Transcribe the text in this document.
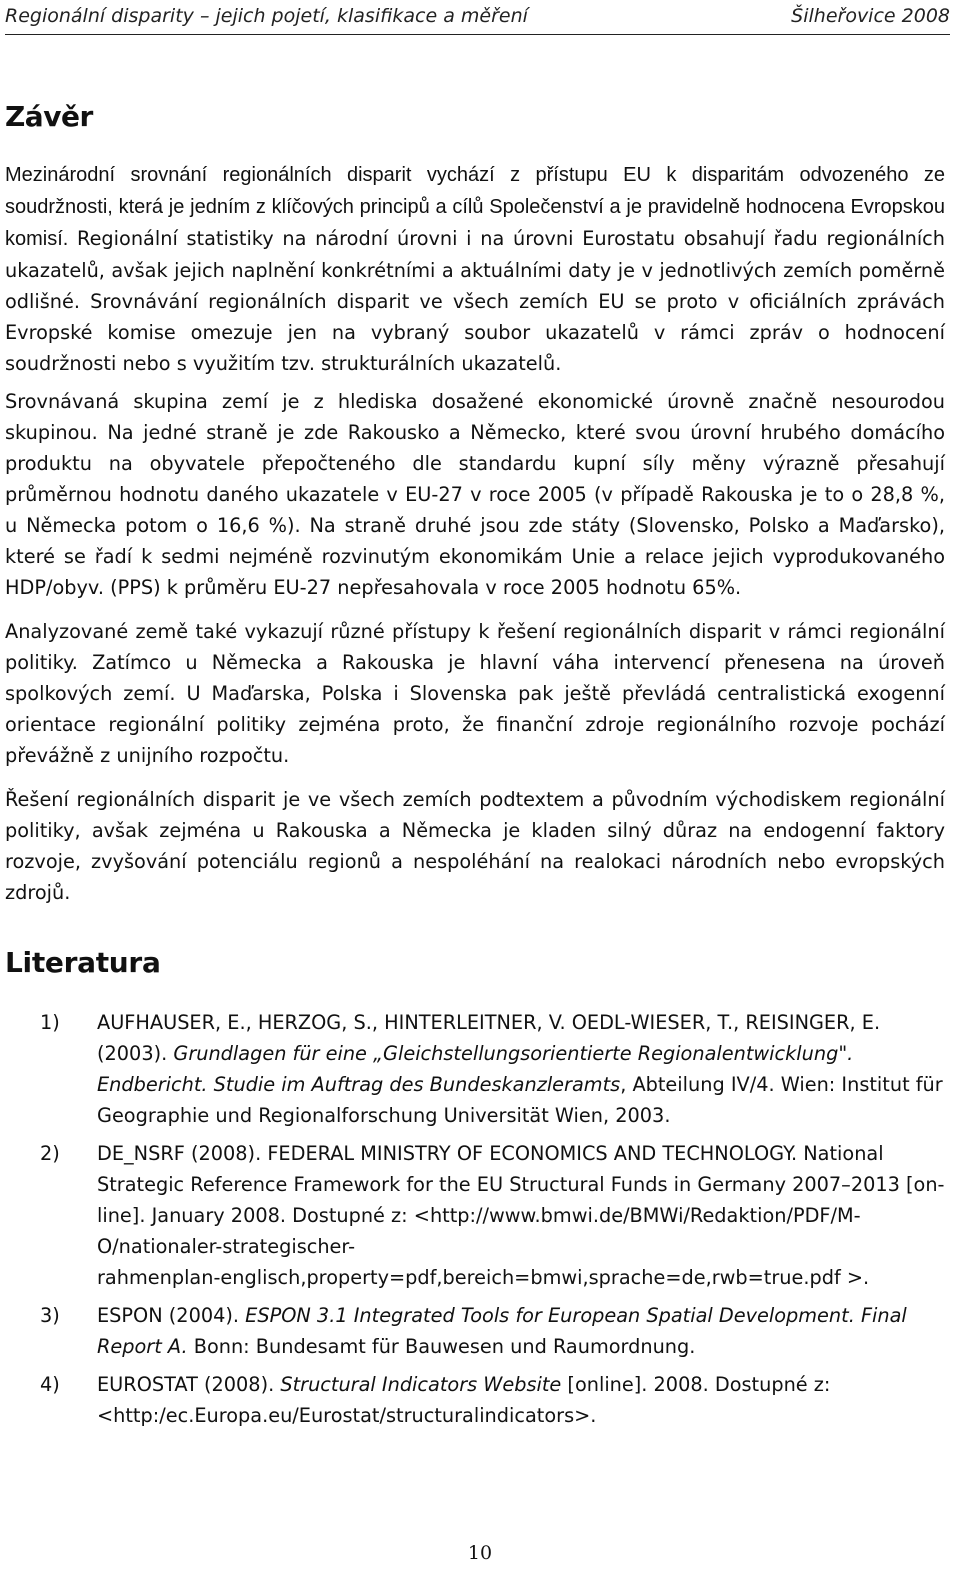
Regionální disparity – jejich pojetí, klasifikace a měření	Šilheřovice 2008
Závěr

Mezinárodní srovnání regionálních disparit vychází z přístupu EU k disparitám odvozeného ze soudržnosti, která je jedním z klíčových principů a cílů Společenství a je pravidelně hodnocena Evropskou komisí. Regionální statistiky na národní úrovni i na úrovni Eurostatu obsahují řadu regionálních ukazatelů, avšak jejich naplnění konkrétními a aktuálními daty je v jednotlivých zemích poměrně odlišné. Srovnávání regionálních disparit ve všech zemích EU se proto v oficiálních zprávách Evropské komise omezuje jen na vybraný soubor ukazatelů v rámci zpráv o hodnocení soudržnosti nebo s využitím tzv. strukturálních ukazatelů.

Srovnávaná skupina zemí je z hlediska dosažené ekonomické úrovně značně nesourodou skupinou. Na jedné straně je zde Rakousko a Německo, které svou úrovní hrubého domácího produktu na obyvatele přepočteného dle standardu kupní síly měny výrazně přesahují průměrnou hodnotu daného ukazatele v EU-27 v roce 2005 (v případě Rakouska je to o 28,8 %, u Německa potom o 16,6 %). Na straně druhé jsou zde státy (Slovensko, Polsko a Maďarsko), které se řadí k sedmi nejméně rozvinutým ekonomikám Unie a relace jejich vyprodukovaného HDP/obyv. (PPS) k průměru EU-27 nepřesahovala v roce 2005 hodnotu 65%.

Analyzované země také vykazují různé přístupy k řešení regionálních disparit v rámci regionální politiky. Zatímco u Německa a Rakouska je hlavní váha intervencí přenesena na úroveň spolkových zemí. U Maďarska, Polska i Slovenska pak ještě převládá centralistická exogenní orientace regionální politiky zejména proto, že finanční zdroje regionálního rozvoje pochází převážně z unijního rozpočtu.

Řešení regionálních disparit je ve všech zemích podtextem a původním východiskem regionální politiky, avšak zejména u Rakouska a Německa je kladen silný důraz na endogenní faktory rozvoje, zvyšování potenciálu regionů a nespoléhání na realokaci národních nebo evropských zdrojů.

Literatura
1) AUFHAUSER, E., HERZOG, S., HINTERLEITNER, V. OEDL-WIESER, T., REISINGER, E. (2003). Grundlagen für eine „Gleichstellungsorientierte Regionalentwicklung". Endbericht. Studie im Auftrag des Bundeskanzleramts, Abteilung IV/4. Wien: Institut für Geographie und Regionalforschung Universität Wien, 2003.
2) DE_NSRF (2008). FEDERAL MINISTRY OF ECONOMICS AND TECHNOLOGY. National Strategic Reference Framework for the EU Structural Funds in Germany 2007–2013 [on-line]. January 2008. Dostupné z: <http://www.bmwi.de/BMWi/Redaktion/PDF/M-O/nationaler-strategischer-
rahmenplan-englisch,property=pdf,bereich=bmwi,sprache=de,rwb=true.pdf >.
3) ESPON (2004). ESPON 3.1 Integrated Tools for European Spatial Development. Final Report A. Bonn: Bundesamt für Bauwesen und Raumordnung.
4) EUROSTAT (2008). Structural Indicators Website [online]. 2008. Dostupné z: <http:/ec.Europa.eu/Eurostat/structuralindicators>.
10
